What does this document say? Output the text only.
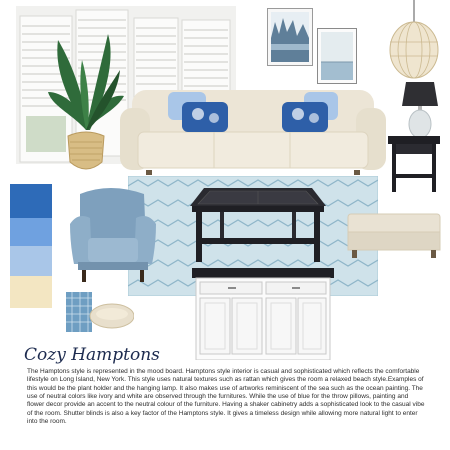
Cozy Hamptons

The Hamptons style is represented in the mood board. Hamptons style interior is casual and sophisticated which reflects the comfortable lifestyle on Long Island, New York. This style uses natural textures such as rattan which gives the room a relaxed beach style.Examples of this would be the plant holder and the hanging lamp. It also makes use of artworks reminiscent of the sea such as the ocean painting. The use of neutral colors like ivory and white are observed through the furnitures. While the use of blue for the throw pillows, painting and flower decor provide an accent to the neutral colour of the furniture. Having a shaker cabinetry adds a sophisticated look to the casual vibe of the room. Shutter blinds is also a key factor of the Hamptons style. It gives a timeless design while allowing more natural light to enter into the room.
